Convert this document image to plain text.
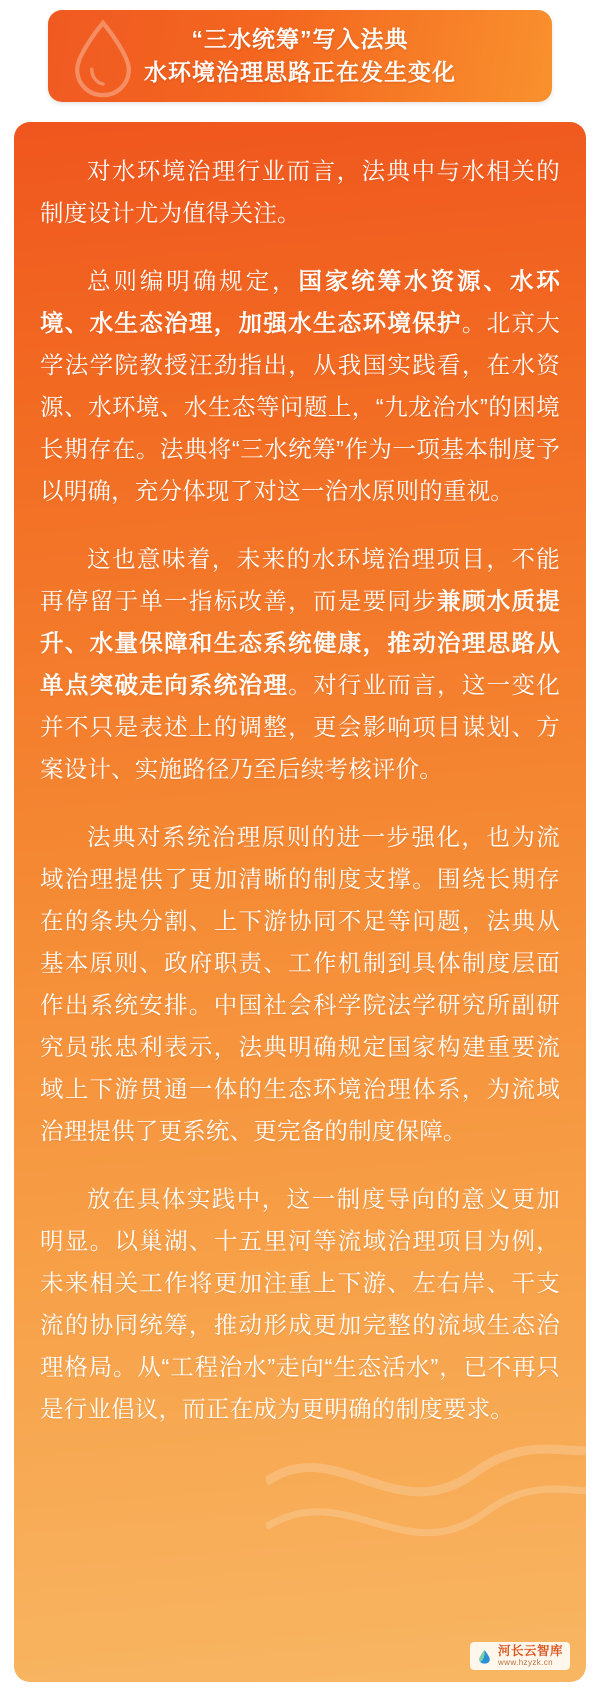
“三水统筹”写入法典
水环境治理思路正在发生变化

对水环境治理行业而言，法典中与水相关的制度设计尤为值得关注。

总则编明确规定，国家统筹水资源、水环境、水生态治理，加强水生态环境保护。北京大学法学院教授汪劲指出，从我国实践看，在水资源、水环境、水生态等问题上，“九龙治水”的困境长期存在。法典将“三水统筹”作为一项基本制度予以明确，充分体现了对这一治水原则的重视。

这也意味着，未来的水环境治理项目，不能再停留于单一指标改善，而是要同步兼顾水质提升、水量保障和生态系统健康，推动治理思路从单点突破走向系统治理。对行业而言，这一变化并不只是表述上的调整，更会影响项目谋划、方案设计、实施路径乃至后续考核评价。

法典对系统治理原则的进一步强化，也为流域治理提供了更加清晰的制度支撑。围绕长期存在的条块分割、上下游协同不足等问题，法典从基本原则、政府职责、工作机制到具体制度层面作出系统安排。中国社会科学院法学研究所副研究员张忠利表示，法典明确规定国家构建重要流域上下游贯通一体的生态环境治理体系，为流域治理提供了更系统、更完备的制度保障。

放在具体实践中，这一制度导向的意义更加明显。以巢湖、十五里河等流域治理项目为例，未来相关工作将更加注重上下游、左右岸、干支流的协同统筹，推动形成更加完整的流域生态治理格局。从“工程治水”走向“生态活水”，已不再只是行业倡议，而正在成为更明确的制度要求。

河长云智库
www.hzyzk.cn
